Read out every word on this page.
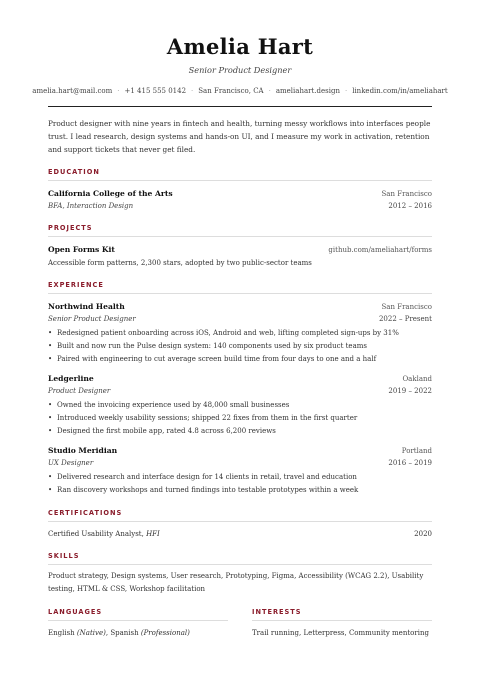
Amelia Hart
Senior Product Designer
amelia.hart@mail.com · +1 415 555 0142 · San Francisco, CA · ameliahart.design · linkedin.com/in/ameliahart
Product designer with nine years in fintech and health, turning messy workflows into interfaces people trust. I lead research, design systems and hands-on UI, and I measure my work in activation, retention and support tickets that never get filed.
EDUCATION
California College of the Arts	San Francisco
BFA, Interaction Design	2012 – 2016
PROJECTS
Open Forms Kit	github.com/ameliahart/forms
Accessible form patterns, 2,300 stars, adopted by two public-sector teams
EXPERIENCE
Northwind Health	San Francisco
Senior Product Designer	2022 – Present
• Redesigned patient onboarding across iOS, Android and web, lifting completed sign-ups by 31%
• Built and now run the Pulse design system: 140 components used by six product teams
• Paired with engineering to cut average screen build time from four days to one and a half
Ledgerline	Oakland
Product Designer	2019 – 2022
• Owned the invoicing experience used by 48,000 small businesses
• Introduced weekly usability sessions; shipped 22 fixes from them in the first quarter
• Designed the first mobile app, rated 4.8 across 6,200 reviews
Studio Meridian	Portland
UX Designer	2016 – 2019
• Delivered research and interface design for 14 clients in retail, travel and education
• Ran discovery workshops and turned findings into testable prototypes within a week
CERTIFICATIONS
Certified Usability Analyst, HFI	2020
SKILLS
Product strategy, Design systems, User research, Prototyping, Figma, Accessibility (WCAG 2.2), Usability testing, HTML & CSS, Workshop facilitation
LANGUAGES
English (Native), Spanish (Professional)
INTERESTS
Trail running, Letterpress, Community mentoring
